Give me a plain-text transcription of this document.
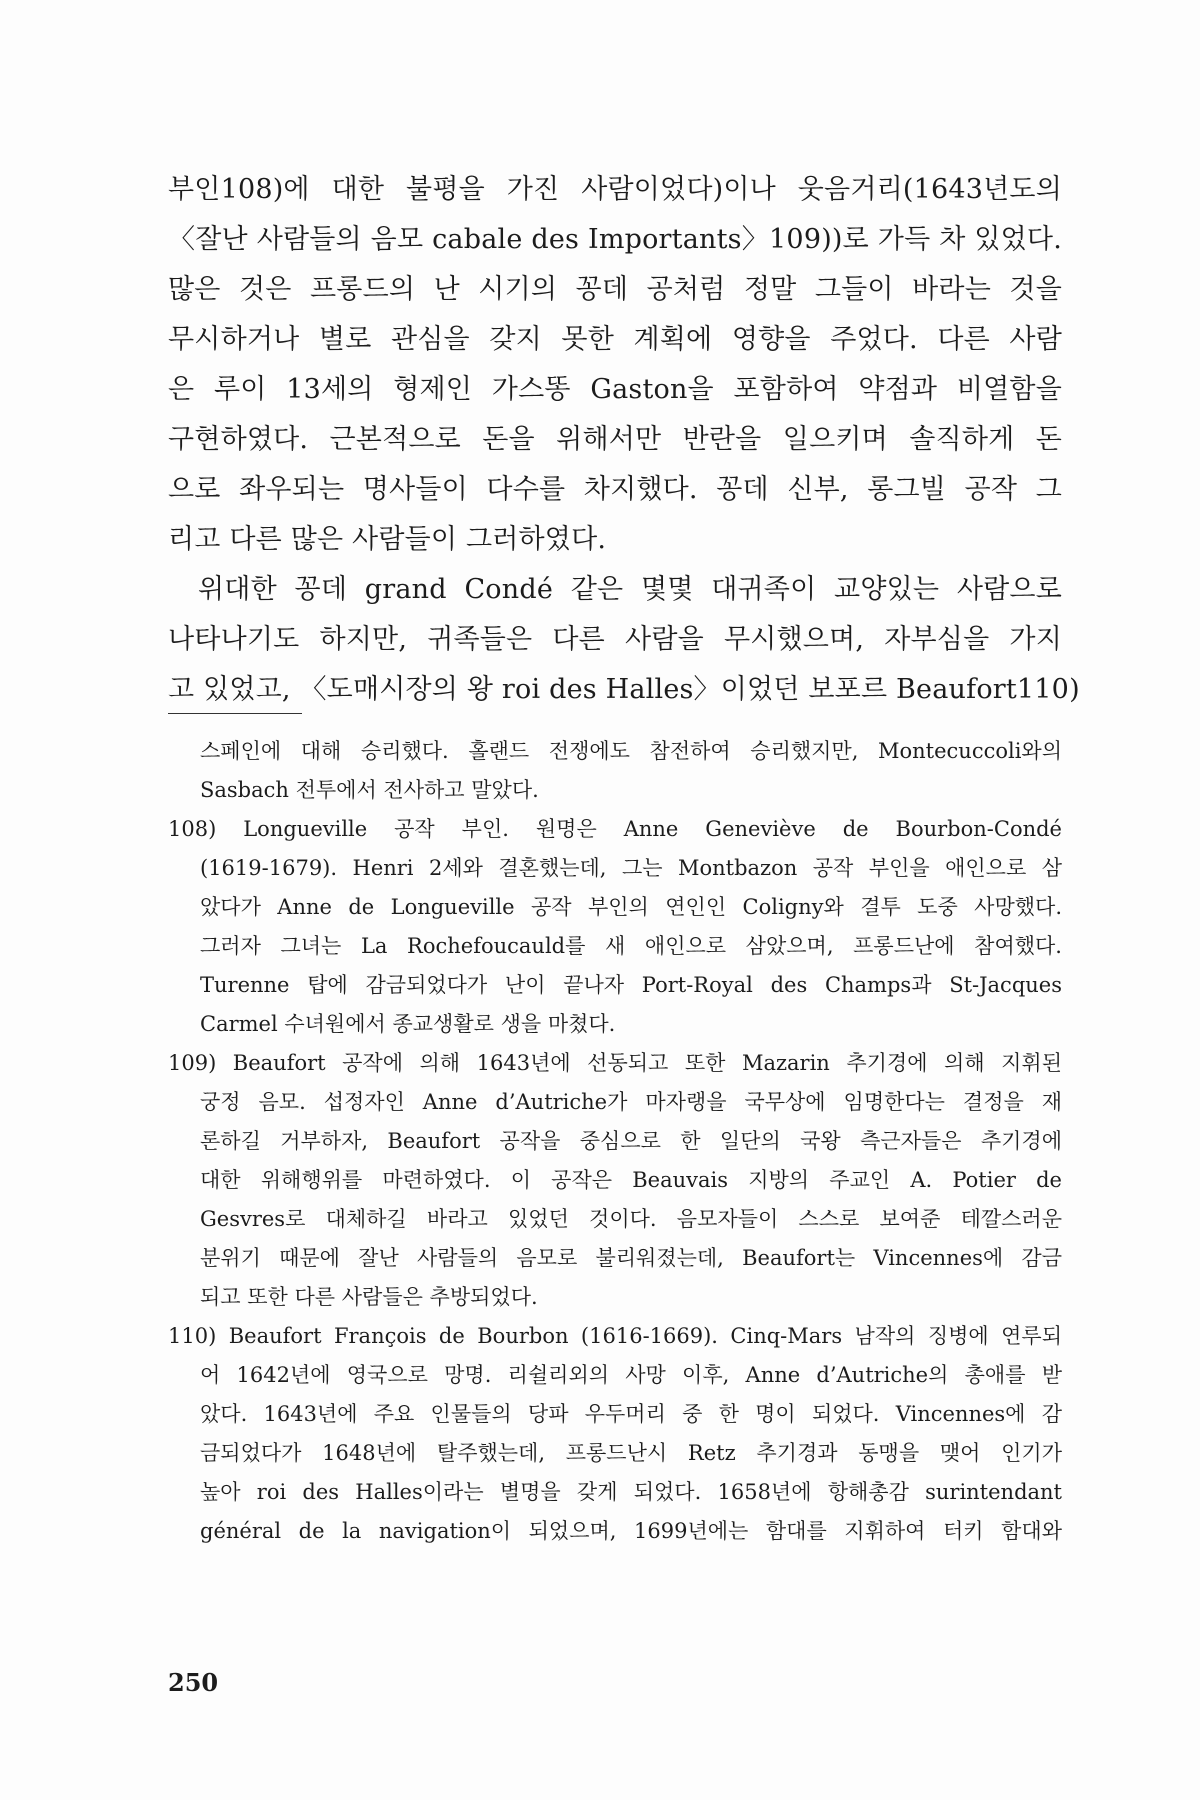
부인108)에 대한 불평을 가진 사람이었다)이나 웃음거리(1643년도의
〈잘난 사람들의 음모 cabale des Importants〉109))로 가득 차 있었다.
많은 것은 프롱드의 난 시기의 꽁데 공처럼 정말 그들이 바라는 것을
무시하거나 별로 관심을 갖지 못한 계획에 영향을 주었다. 다른 사람
은 루이 13세의 형제인 가스똥 Gaston을 포함하여 약점과 비열함을
구현하였다. 근본적으로 돈을 위해서만 반란을 일으키며 솔직하게 돈
으로 좌우되는 명사들이 다수를 차지했다. 꽁데 신부, 롱그빌 공작 그
리고 다른 많은 사람들이 그러하였다.
위대한 꽁데 grand Condé 같은 몇몇 대귀족이 교양있는 사람으로
나타나기도 하지만, 귀족들은 다른 사람을 무시했으며, 자부심을 가지
고 있었고, 〈도매시장의 왕 roi des Halles〉이었던 보포르 Beaufort110)
스페인에 대해 승리했다. 홀랜드 전쟁에도 참전하여 승리했지만, Montecuccoli와의
Sasbach 전투에서 전사하고 말았다.
108) Longueville 공작 부인. 원명은 Anne Geneviève de Bourbon-Condé
(1619-1679). Henri 2세와 결혼했는데, 그는 Montbazon 공작 부인을 애인으로 삼
았다가 Anne de Longueville 공작 부인의 연인인 Coligny와 결투 도중 사망했다.
그러자 그녀는 La Rochefoucauld를 새 애인으로 삼았으며, 프롱드난에 참여했다.
Turenne 탑에 감금되었다가 난이 끝나자 Port-Royal des Champs과 St-Jacques
Carmel 수녀원에서 종교생활로 생을 마쳤다.
109) Beaufort 공작에 의해 1643년에 선동되고 또한 Mazarin 추기경에 의해 지휘된
궁정 음모. 섭정자인 Anne d’Autriche가 마자랭을 국무상에 임명한다는 결정을 재
론하길 거부하자, Beaufort 공작을 중심으로 한 일단의 국왕 측근자들은 추기경에
대한 위해행위를 마련하였다. 이 공작은 Beauvais 지방의 주교인 A. Potier de
Gesvres로 대체하길 바라고 있었던 것이다. 음모자들이 스스로 보여준 테깔스러운
분위기 때문에 잘난 사람들의 음모로 불리워졌는데, Beaufort는 Vincennes에 감금
되고 또한 다른 사람들은 추방되었다.
110) Beaufort François de Bourbon (1616-1669). Cinq-Mars 남작의 징병에 연루되
어 1642년에 영국으로 망명. 리쉴리외의 사망 이후, Anne d’Autriche의 총애를 받
았다. 1643년에 주요 인물들의 당파 우두머리 중 한 명이 되었다. Vincennes에 감
금되었다가 1648년에 탈주했는데, 프롱드난시 Retz 추기경과 동맹을 맺어 인기가
높아 roi des Halles이라는 별명을 갖게 되었다. 1658년에 항해총감 surintendant
général de la navigation이 되었으며, 1699년에는 함대를 지휘하여 터키 함대와
250
